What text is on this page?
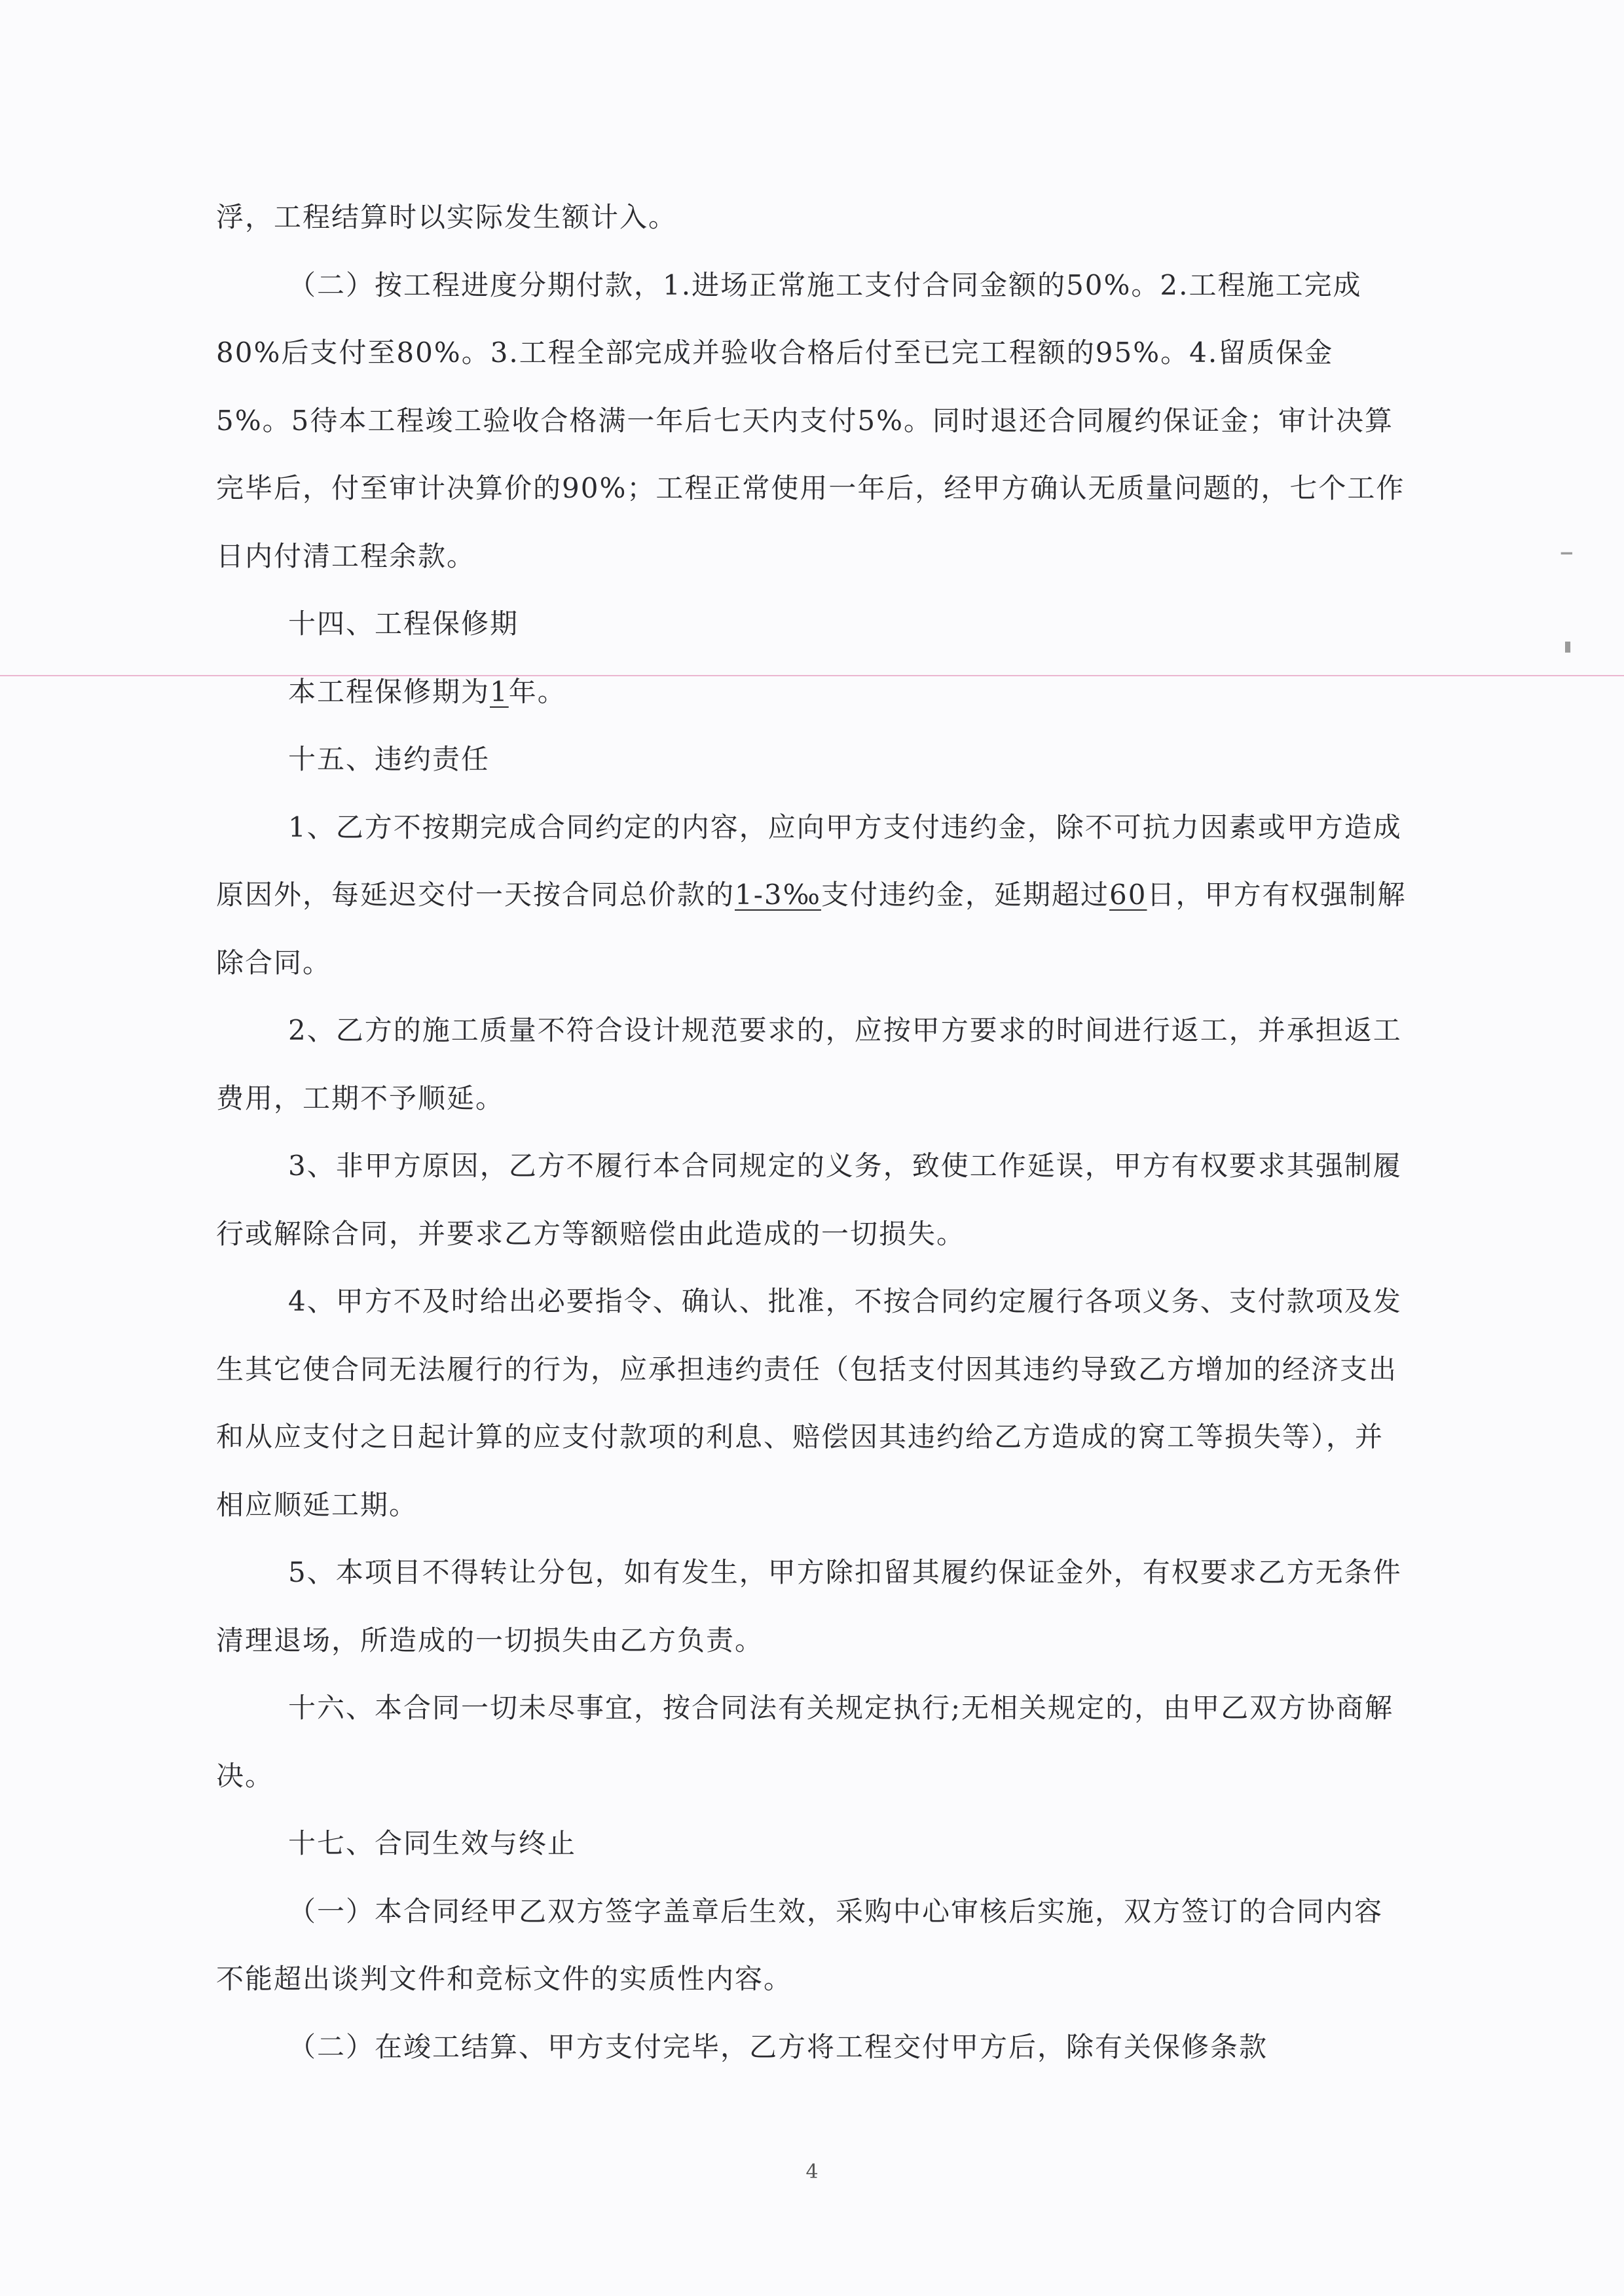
▔
▮

浮，工程结算时以实际发生额计入。

（二）按工程进度分期付款，1.进场正常施工支付合同金额的50%。2.工程施工完成80%后支付至80%。3.工程全部完成并验收合格后付至已完工程额的95%。4.留质保金5%。5待本工程竣工验收合格满一年后七天内支付5%。同时退还合同履约保证金；审计决算完毕后，付至审计决算价的90%；工程正常使用一年后，经甲方确认无质量问题的，七个工作日内付清工程余款。

十四、工程保修期

本工程保修期为1年。

十五、违约责任

1、乙方不按期完成合同约定的内容，应向甲方支付违约金，除不可抗力因素或甲方造成原因外，每延迟交付一天按合同总价款的1-3‰支付违约金，延期超过60日，甲方有权强制解除合同。

2、乙方的施工质量不符合设计规范要求的，应按甲方要求的时间进行返工，并承担返工费用，工期不予顺延。

3、非甲方原因，乙方不履行本合同规定的义务，致使工作延误，甲方有权要求其强制履行或解除合同，并要求乙方等额赔偿由此造成的一切损失。

4、甲方不及时给出必要指令、确认、批准，不按合同约定履行各项义务、支付款项及发生其它使合同无法履行的行为，应承担违约责任（包括支付因其违约导致乙方增加的经济支出和从应支付之日起计算的应支付款项的利息、赔偿因其违约给乙方造成的窝工等损失等），并相应顺延工期。

5、本项目不得转让分包，如有发生，甲方除扣留其履约保证金外，有权要求乙方无条件清理退场，所造成的一切损失由乙方负责。

十六、本合同一切未尽事宜，按合同法有关规定执行;无相关规定的，由甲乙双方协商解决。

十七、合同生效与终止

（一）本合同经甲乙双方签字盖章后生效，采购中心审核后实施，双方签订的合同内容不能超出谈判文件和竞标文件的实质性内容。

（二）在竣工结算、甲方支付完毕，乙方将工程交付甲方后，除有关保修条款

4
